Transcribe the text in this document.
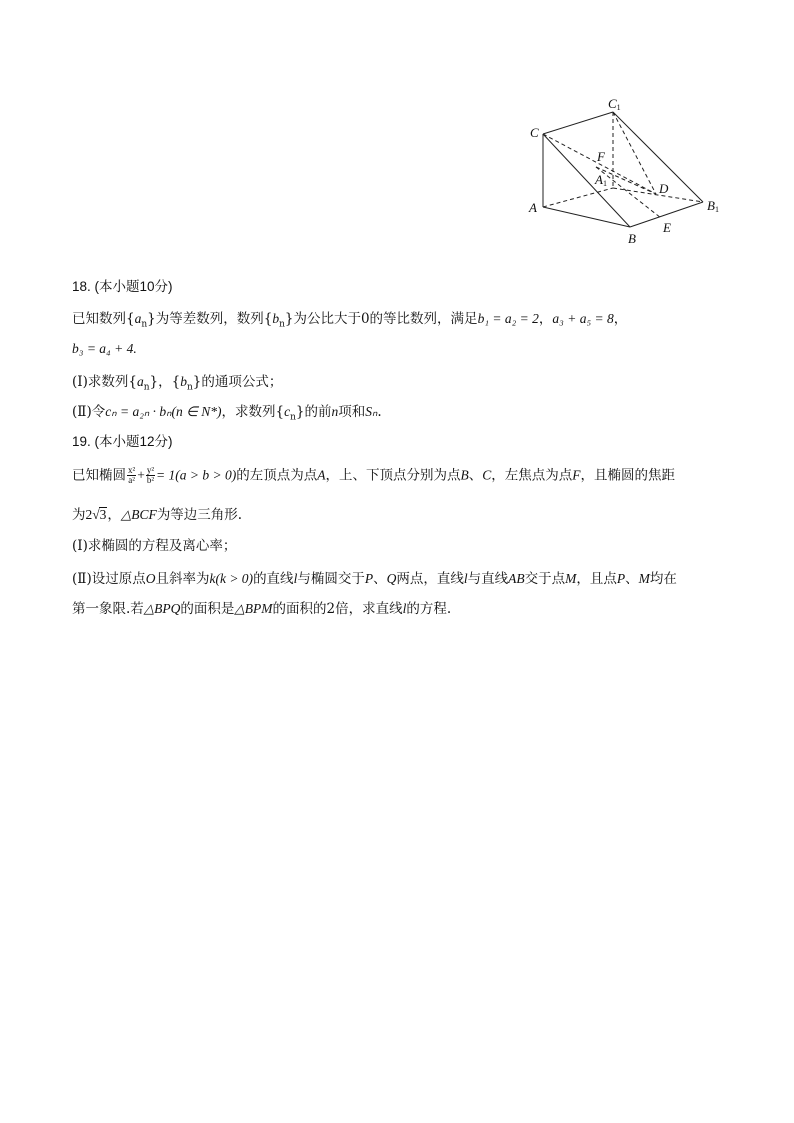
C1
C
F
A1	D
A	B1
B
E
18. (本小题10分)
已知数列$\{a_n\}$为等差数列，数列$\{b_n\}$为公比大于0的等比数列，满足b₁ = a₂ = 2，a₃ + a₅ = 8，
b₃ = a₄ + 4.
(Ⅰ)求数列$\{a_n\}$，$\{b_n\}$的通项公式；
(Ⅱ)令cₙ = a₂ₙ · bₙ(n ∈ N*)，求数列$\{c_n\}$的前n项和Sₙ.
19. (本小题12分)
已知椭圆 $\frac{\text{x²}}{\text{a²}} + \frac{\text{y²}}{\text{b²}} = 1(a > b > 0)$的左顶点为点A，上、下顶点分别为点B、C，左焦点为点F，且椭圆的焦距
为2√3，△BCF为等边三角形.
(Ⅰ)求椭圆的方程及离心率；
(Ⅱ)设过原点O且斜率为k(k > 0)的直线l与椭圆交于P、Q两点，直线l与直线AB交于点M，且点P、M均在
第一象限.若△BPQ的面积是△BPM的面积的2倍，求直线l的方程.
